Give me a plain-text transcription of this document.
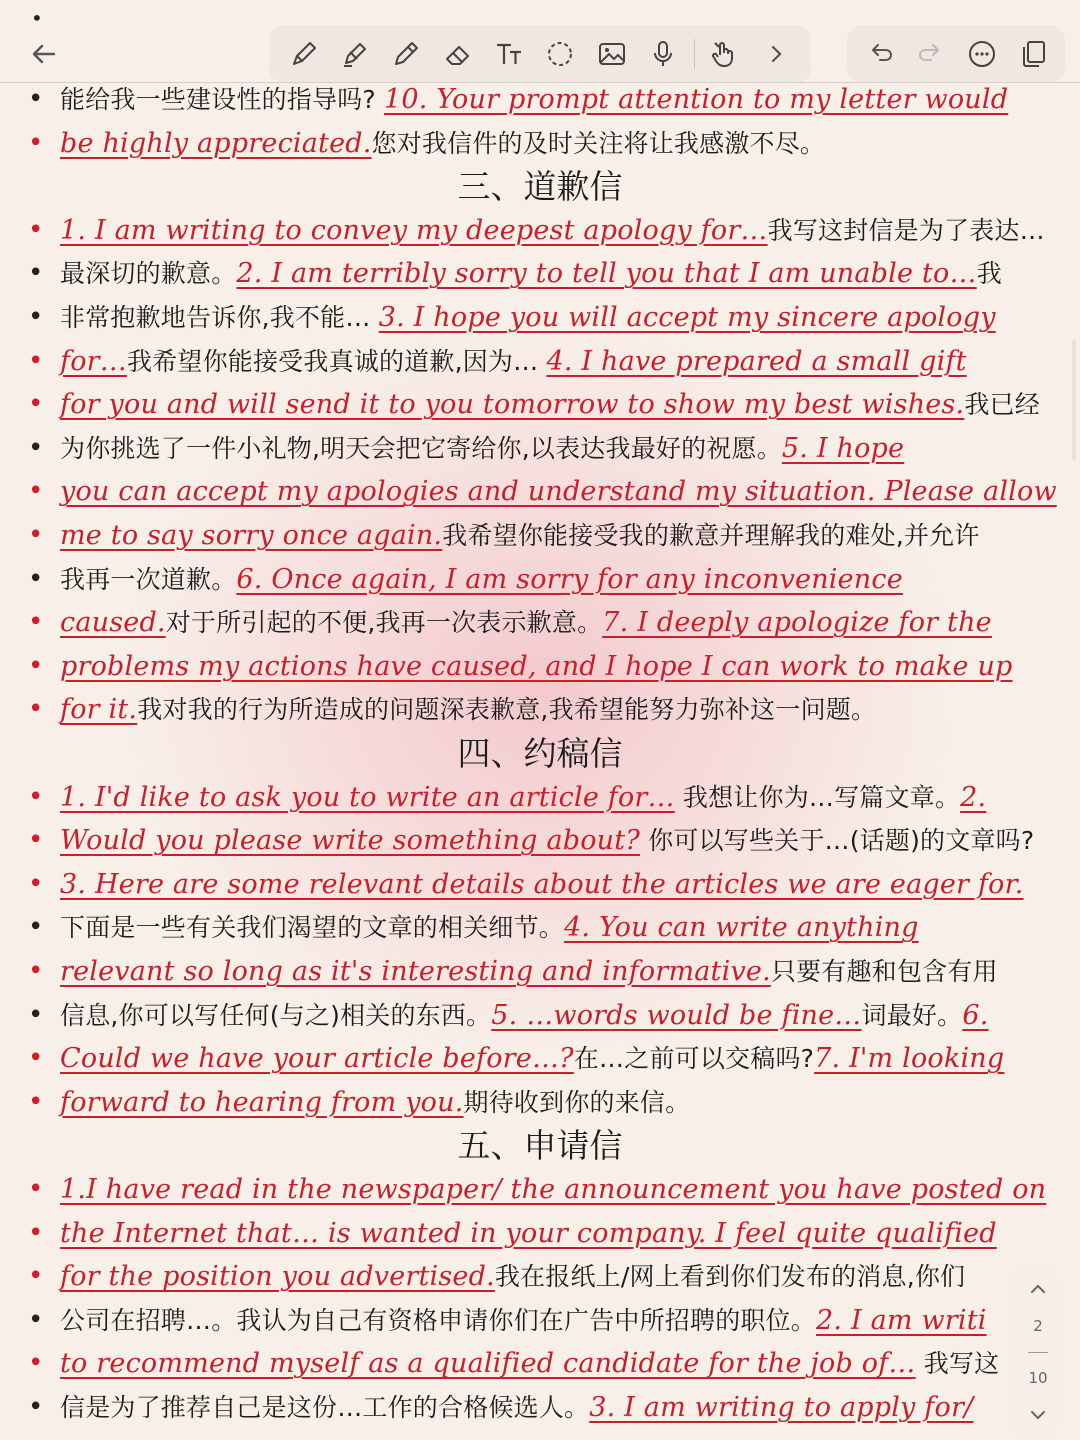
•
• 能给我一些建设性的指导吗? 10. Your prompt attention to my letter would
• be highly appreciated.您对我信件的及时关注将让我感激不尽。
三、道歉信
• 1. I am writing to convey my deepest apology for…我写这封信是为了表达…
• 最深切的歉意。2. I am terribly sorry to tell you that I am unable to…我
• 非常抱歉地告诉你,我不能… 3. I hope you will accept my sincere apology
• for…我希望你能接受我真诚的道歉,因为… 4. I have prepared a small gift
• for you and will send it to you tomorrow to show my best wishes.我已经
• 为你挑选了一件小礼物,明天会把它寄给你,以表达我最好的祝愿。5. I hope
• you can accept my apologies and understand my situation. Please allow
• me to say sorry once again.我希望你能接受我的歉意并理解我的难处,并允许
• 我再一次道歉。6. Once again, I am sorry for any inconvenience
• caused.对于所引起的不便,我再一次表示歉意。7. I deeply apologize for the
• problems my actions have caused, and I hope I can work to make up
• for it.我对我的行为所造成的问题深表歉意,我希望能努力弥补这一问题。
四、约稿信
• 1. I'd like to ask you to write an article for… 我想让你为…写篇文章。2.
• Would you please write something about? 你可以写些关于…(话题)的文章吗?
• 3. Here are some relevant details about the articles we are eager for.
• 下面是一些有关我们渴望的文章的相关细节。4. You can write anything
• relevant so long as it's interesting and informative.只要有趣和包含有用
• 信息,你可以写任何(与之)相关的东西。5. …words would be fine…词最好。6.
• Could we have your article before…?在…之前可以交稿吗?7. I'm looking
• forward to hearing from you.期待收到你的来信。
五、申请信
• 1.I have read in the newspaper/ the announcement you have posted on
• the Internet that… is wanted in your company. I feel quite qualified
• for the position you advertised.我在报纸上/网上看到你们发布的消息,你们
• 公司在招聘…。我认为自己有资格申请你们在广告中所招聘的职位。2. I am writi
• to recommend myself as a qualified candidate for the job of… 我写这
• 信是为了推荐自己是这份…工作的合格候选人。3. I am writing to apply for/
2
10
